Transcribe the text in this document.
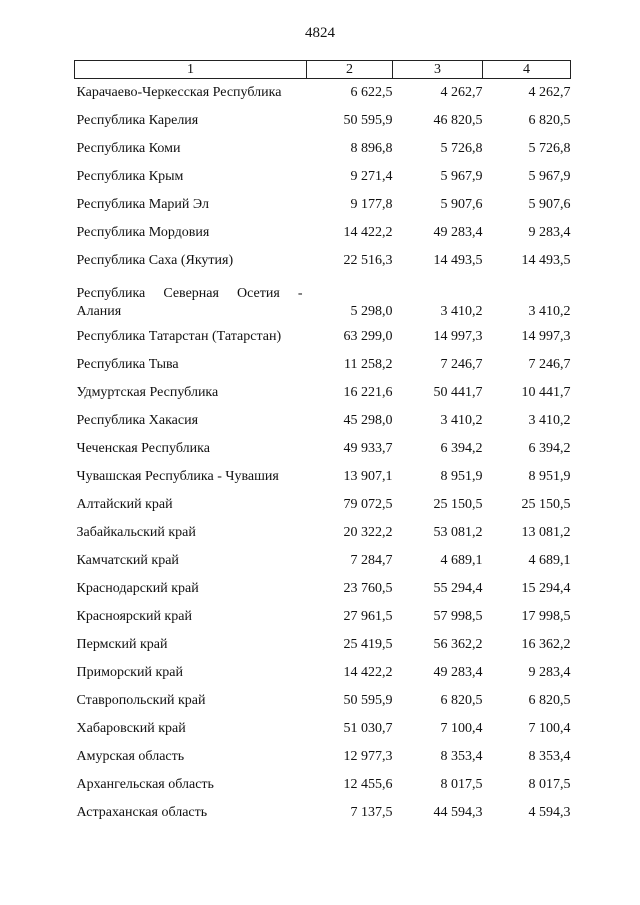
4824
1	2	3	4
Карачаево-Черкесская Республика	6 622,5	4 262,7	4 262,7
Республика Карелия	50 595,9	46 820,5	6 820,5
Республика Коми	8 896,8	5 726,8	5 726,8
Республика Крым	9 271,4	5 967,9	5 967,9
Республика Марий Эл	9 177,8	5 907,6	5 907,6
Республика Мордовия	14 422,2	49 283,4	9 283,4
Республика Саха (Якутия)	22 516,3	14 493,5	14 493,5
Республика Северная Осетия - Алания	5 298,0	3 410,2	3 410,2
Республика Татарстан (Татарстан)	63 299,0	14 997,3	14 997,3
Республика Тыва	11 258,2	7 246,7	7 246,7
Удмуртская Республика	16 221,6	50 441,7	10 441,7
Республика Хакасия	45 298,0	3 410,2	3 410,2
Чеченская Республика	49 933,7	6 394,2	6 394,2
Чувашская Республика - Чувашия	13 907,1	8 951,9	8 951,9
Алтайский край	79 072,5	25 150,5	25 150,5
Забайкальский край	20 322,2	53 081,2	13 081,2
Камчатский край	7 284,7	4 689,1	4 689,1
Краснодарский край	23 760,5	55 294,4	15 294,4
Красноярский край	27 961,5	57 998,5	17 998,5
Пермский край	25 419,5	56 362,2	16 362,2
Приморский край	14 422,2	49 283,4	9 283,4
Ставропольский край	50 595,9	6 820,5	6 820,5
Хабаровский край	51 030,7	7 100,4	7 100,4
Амурская область	12 977,3	8 353,4	8 353,4
Архангельская область	12 455,6	8 017,5	8 017,5
Астраханская область	7 137,5	44 594,3	4 594,3
